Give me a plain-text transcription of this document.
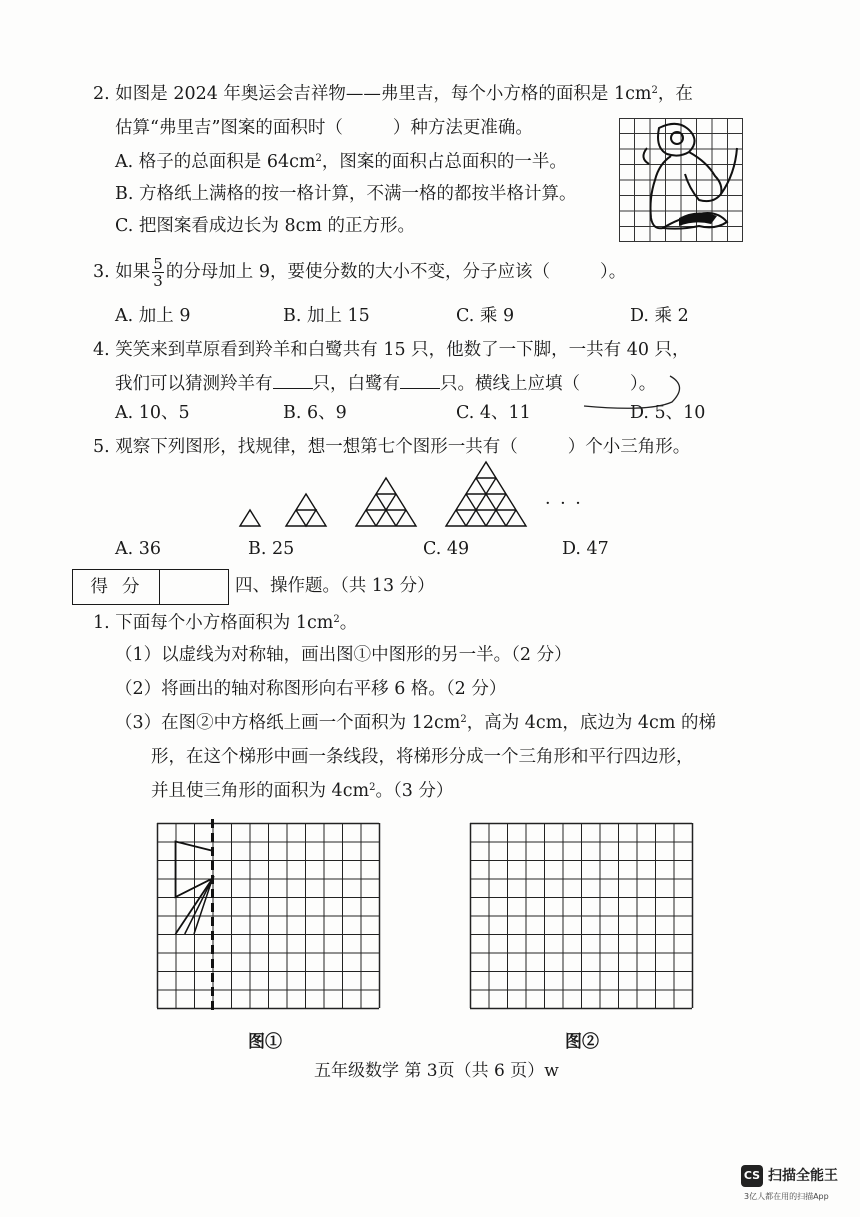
2. 如图是 2024 年奥运会吉祥物——弗里吉，每个小方格的面积是 $1cm^2$，在
估算“弗里吉”图案的面积时（	）种方法更准确。
A. 格子的总面积是 $64cm^2$，图案的面积占总面积的一半。
B. 方格纸上满格的按一格计算，不满一格的都按半格计算。
C. 把图案看成边长为 8cm 的正方形。
3. 如果 $\frac{5}{3}$ 的分母加上 9，要使分数的大小不变，分子应该（	）。
A. 加上 9	B. 加上 15	C. 乘 9	D. 乘 2
4. 笑笑来到草原看到羚羊和白鹭共有 15 只，他数了一下脚，一共有 40 只，
我们可以猜测羚羊有 只，白鹭有 只。横线上应填（	）。
A. 10、5	B. 6、9	C. 4、11	D. 5、10
5. 观察下列图形，找规律，想一想第七个图形一共有（	）个小三角形。
· · ·
A. 36	B. 25	C. 49	D. 47
得分	四、操作题。（共 13 分）
1. 下面每个小方格面积为 $1cm^2$。
（1）以虚线为对称轴，画出图①中图形的另一半。（2 分）
（2）将画出的轴对称图形向右平移 6 格。（2 分）
（3）在图②中方格纸上画一个面积为 $12cm^2$，高为 4cm，底边为 4cm 的梯
形，在这个梯形中画一条线段，将梯形分成一个三角形和平行四边形，
并且使三角形的面积为 $4cm^2$。（3 分）
图①	图②
五年级数学 第 3页（共 6 页）w
CS 扫描全能王
3亿人都在用的扫描App
